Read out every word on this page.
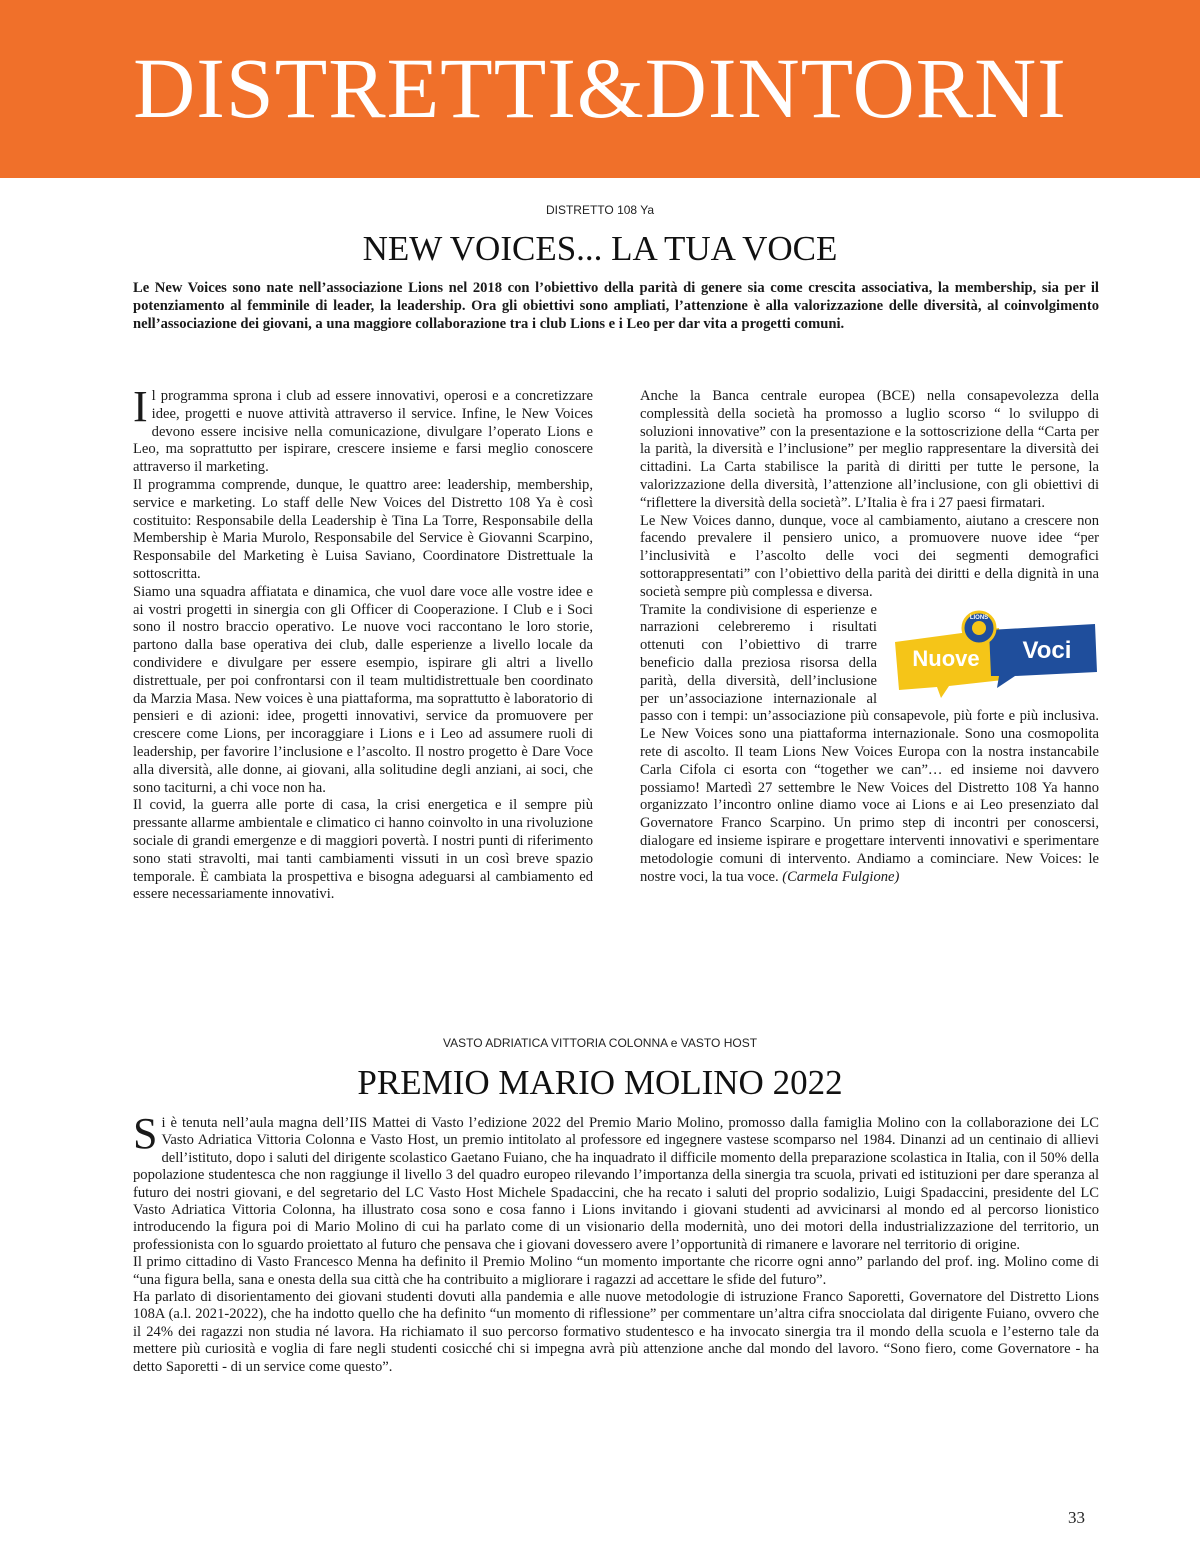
DISTRETTI&DINTORNI
DISTRETTO 108 Ya
NEW VOICES... LA TUA VOCE

Le New Voices sono nate nell’associazione Lions nel 2018 con l’obiettivo della parità di genere sia come crescita associativa, la membership, sia per il potenziamento al femminile di leader, la leadership. Ora gli obiettivi sono ampliati, l’attenzione è alla valorizzazione delle diversità, al coinvolgimento nell’associazione dei giovani, a una maggiore collaborazione tra i club Lions e i Leo per dar vita a progetti comuni.

Il programma sprona i club ad essere innovativi, operosi e a concretizzare idee, progetti e nuove attività attraverso il service. Infine, le New Voices devono essere incisive nella comunicazione, divulgare l’operato Lions e Leo, ma soprattutto per ispirare, crescere insieme e farsi meglio conoscere attraverso il marketing.

Il programma comprende, dunque, le quattro aree: leadership, membership, service e marketing. Lo staff delle New Voices del Distretto 108 Ya è così costituito: Responsabile della Leadership è Tina La Torre, Responsabile della Membership è Maria Murolo, Responsabile del Service è Giovanni Scarpino, Responsabile del Marketing è Luisa Saviano, Coordinatore Distrettuale la sottoscritta.

Siamo una squadra affiatata e dinamica, che vuol dare voce alle vostre idee e ai vostri progetti in sinergia con gli Officer di Cooperazione. I Club e i Soci sono il nostro braccio operativo. Le nuove voci raccontano le loro storie, partono dalla base operativa dei club, dalle esperienze a livello locale da condividere e divulgare per essere esempio, ispirare gli altri a livello distrettuale, per poi confrontarsi con il team multidistrettuale ben coordinato da Marzia Masa. New voices è una piattaforma, ma soprattutto è laboratorio di pensieri e di azioni: idee, progetti innovativi, service da promuovere per crescere come Lions, per incoraggiare i Lions e i Leo ad assumere ruoli di leadership, per favorire l’inclusione e l’ascolto. Il nostro progetto è Dare Voce alla diversità, alle donne, ai giovani, alla solitudine degli anziani, ai soci, che sono taciturni, a chi voce non ha.

Il covid, la guerra alle porte di casa, la crisi energetica e il sempre più pressante allarme ambientale e climatico ci hanno coinvolto in una rivoluzione sociale di grandi emergenze e di maggiori povertà. I nostri punti di riferimento sono stati stravolti, mai tanti cambiamenti vissuti in un così breve spazio temporale. È cambiata la prospettiva e bisogna adeguarsi al cambiamento ed essere necessariamente innovativi.

Anche la Banca centrale europea (BCE) nella consapevolezza della complessità della società ha promosso a luglio scorso “ lo sviluppo di soluzioni innovative” con la presentazione e la sottoscrizione della “Carta per la parità, la diversità e l’inclusione” per meglio rappresentare la diversità dei cittadini. La Carta stabilisce la parità di diritti per tutte le persone, la valorizzazione della diversità, l’attenzione all’inclusione, con gli obiettivi di “riflettere la diversità della società”. L’Italia è fra i 27 paesi firmatari.

Le New Voices danno, dunque, voce al cambiamento, aiutano a crescere non facendo prevalere il pensiero unico, a promuovere nuove idee “per l’inclusività e l’ascolto delle voci dei segmenti demografici sottorappresentati” con l’obiettivo della parità dei diritti e della dignità in una società sempre più complessa e diversa.

LIONS
Nuove Voci
Tramite la condivisione di esperienze e narrazioni celebreremo i risultati ottenuti con l’obiettivo di trarre beneficio dalla preziosa risorsa della parità, della diversità, dell’inclusione per un’associazione internazionale al passo con i tempi: un’associazione più consapevole, più forte e più inclusiva. Le New Voices sono una piattaforma internazionale. Sono una cosmopolita rete di ascolto. Il team Lions New Voices Europa con la nostra instancabile Carla Cifola ci esorta con “together we can”… ed insieme noi davvero possiamo! Martedì 27 settembre le New Voices del Distretto 108 Ya hanno organizzato l’incontro online diamo voce ai Lions e ai Leo presenziato dal Governatore Franco Scarpino. Un primo step di incontri per conoscersi, dialogare ed insieme ispirare e progettare interventi innovativi e sperimentare metodologie comuni di intervento. Andiamo a cominciare. New Voices: le nostre voci, la tua voce. (Carmela Fulgione)

VASTO ADRIATICA VITTORIA COLONNA e VASTO HOST
PREMIO MARIO MOLINO 2022

Si è tenuta nell’aula magna dell’IIS Mattei di Vasto l’edizione 2022 del Premio Mario Molino, promosso dalla famiglia Molino con la collaborazione dei LC Vasto Adriatica Vittoria Colonna e Vasto Host, un premio intitolato al professore ed ingegnere vastese scomparso nel 1984. Dinanzi ad un centinaio di allievi dell’istituto, dopo i saluti del dirigente scolastico Gaetano Fuiano, che ha inquadrato il difficile momento della preparazione scolastica in Italia, con il 50% della popolazione studentesca che non raggiunge il livello 3 del quadro europeo rilevando l’importanza della sinergia tra scuola, privati ed istituzioni per dare speranza al futuro dei nostri giovani, e del segretario del LC Vasto Host Michele Spadaccini, che ha recato i saluti del proprio sodalizio, Luigi Spadaccini, presidente del LC Vasto Adriatica Vittoria Colonna, ha illustrato cosa sono e cosa fanno i Lions invitando i giovani studenti ad avvicinarsi al mondo ed al percorso lionistico introducendo la figura poi di Mario Molino di cui ha parlato come di un visionario della modernità, uno dei motori della industrializzazione del territorio, un professionista con lo sguardo proiettato al futuro che pensava che i giovani dovessero avere l’opportunità di rimanere e lavorare nel territorio di origine.

Il primo cittadino di Vasto Francesco Menna ha definito il Premio Molino “un momento importante che ricorre ogni anno” parlando del prof. ing. Molino come di “una figura bella, sana e onesta della sua città che ha contribuito a migliorare i ragazzi ad accettare le sfide del futuro”.

Ha parlato di disorientamento dei giovani studenti dovuti alla pandemia e alle nuove metodologie di istruzione Franco Saporetti, Governatore del Distretto Lions 108A (a.l. 2021-2022), che ha indotto quello che ha definito “un momento di riflessione” per commentare un’altra cifra snocciolata dal dirigente Fuiano, ovvero che il 24% dei ragazzi non studia né lavora. Ha richiamato il suo percorso formativo studentesco e ha invocato sinergia tra il mondo della scuola e l’esterno tale da mettere più curiosità e voglia di fare negli studenti cosicché chi si impegna avrà più attenzione anche dal mondo del lavoro. “Sono fiero, come Governatore - ha detto Saporetti - di un service come questo”.

33
